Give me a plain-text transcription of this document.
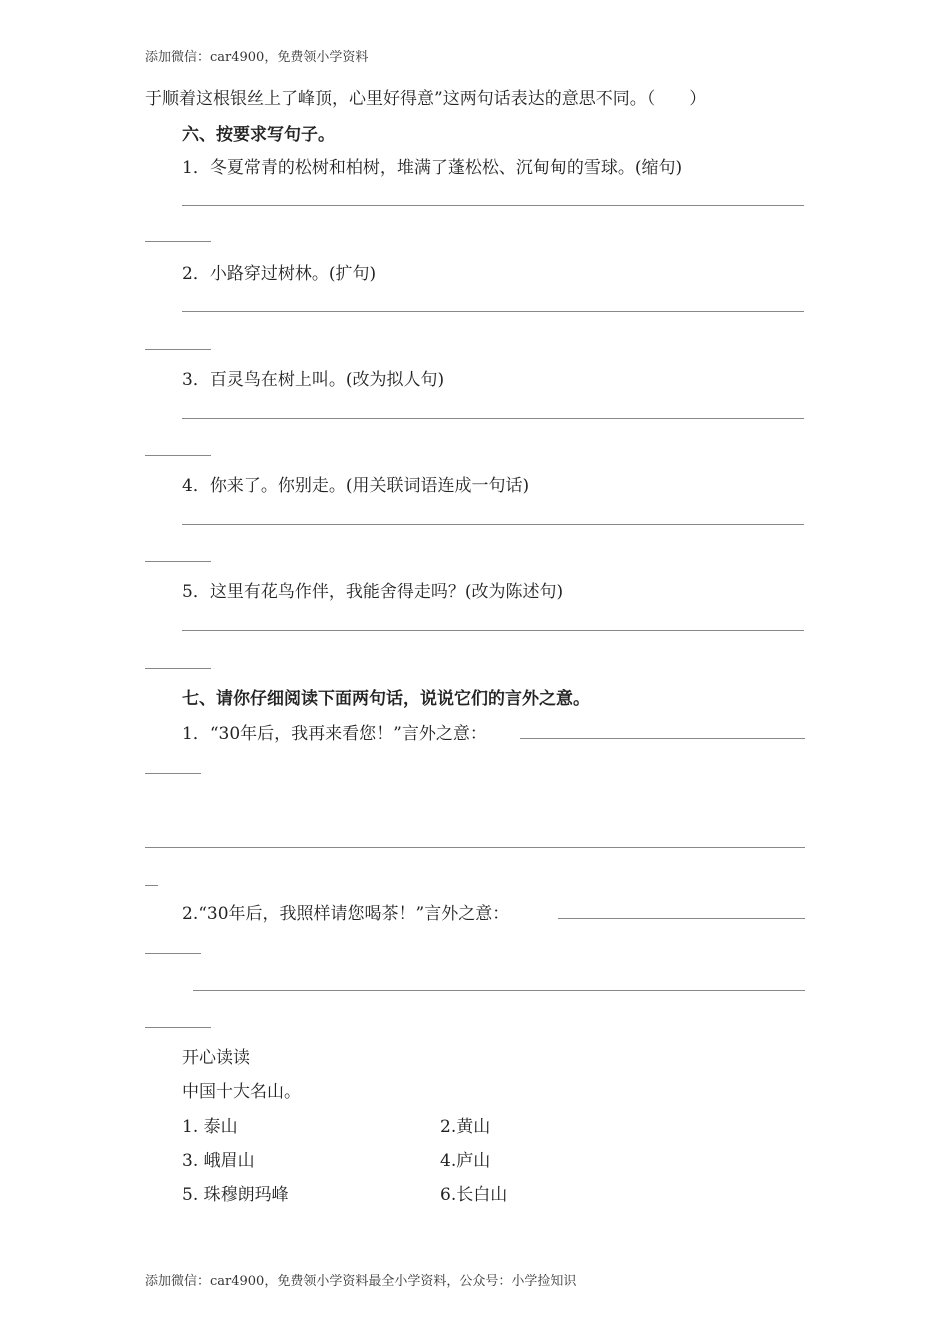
添加微信：car4900，免费领小学资料
于顺着这根银丝上了峰顶，心里好得意”这两句话表达的意思不同。（　　）
六、按要求写句子。
1．冬夏常青的松树和柏树，堆满了蓬松松、沉甸甸的雪球。(缩句)
2．小路穿过树林。(扩句)
3．百灵鸟在树上叫。(改为拟人句)
4．你来了。你别走。(用关联词语连成一句话)
5．这里有花鸟作伴，我能舍得走吗？(改为陈述句)
七、请你仔细阅读下面两句话，说说它们的言外之意。
1．“30年后，我再来看您！”言外之意：
2.“30年后，我照样请您喝茶！”言外之意：
开心读读
中国十大名山。
1. 泰山	2.黄山
3. 峨眉山	4.庐山
5. 珠穆朗玛峰	6.长白山
添加微信：car4900，免费领小学资料最全小学资料，公众号：小学捡知识
